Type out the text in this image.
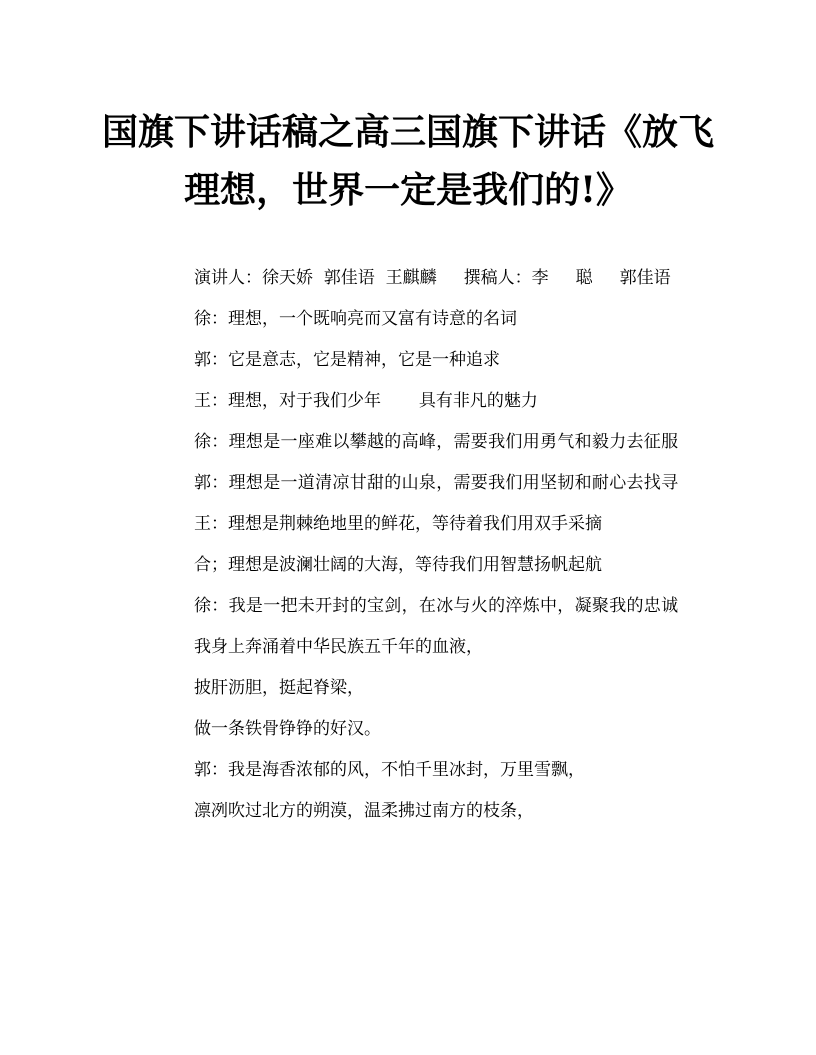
国旗下讲话稿之高三国旗下讲话《放飞
理想，世界一定是我们的!》

演讲人：徐天娇  郭佳语  王麒麟     撰稿人：李     聪     郭佳语

徐：理想，一个既响亮而又富有诗意的名词

郭：它是意志，它是精神，它是一种追求

王：理想，对于我们少年       具有非凡的魅力

徐：理想是一座难以攀越的高峰，需要我们用勇气和毅力去征服

郭：理想是一道清凉甘甜的山泉，需要我们用坚韧和耐心去找寻

王：理想是荆棘绝地里的鲜花，等待着我们用双手采摘

合；理想是波澜壮阔的大海，等待我们用智慧扬帆起航

徐：我是一把未开封的宝剑，在冰与火的淬炼中，凝聚我的忠诚

我身上奔涌着中华民族五千年的血液，

披肝沥胆，挺起脊梁，

做一条铁骨铮铮的好汉。

郭：我是海香浓郁的风，不怕千里冰封，万里雪飘，

凛冽吹过北方的朔漠，温柔拂过南方的枝条，
